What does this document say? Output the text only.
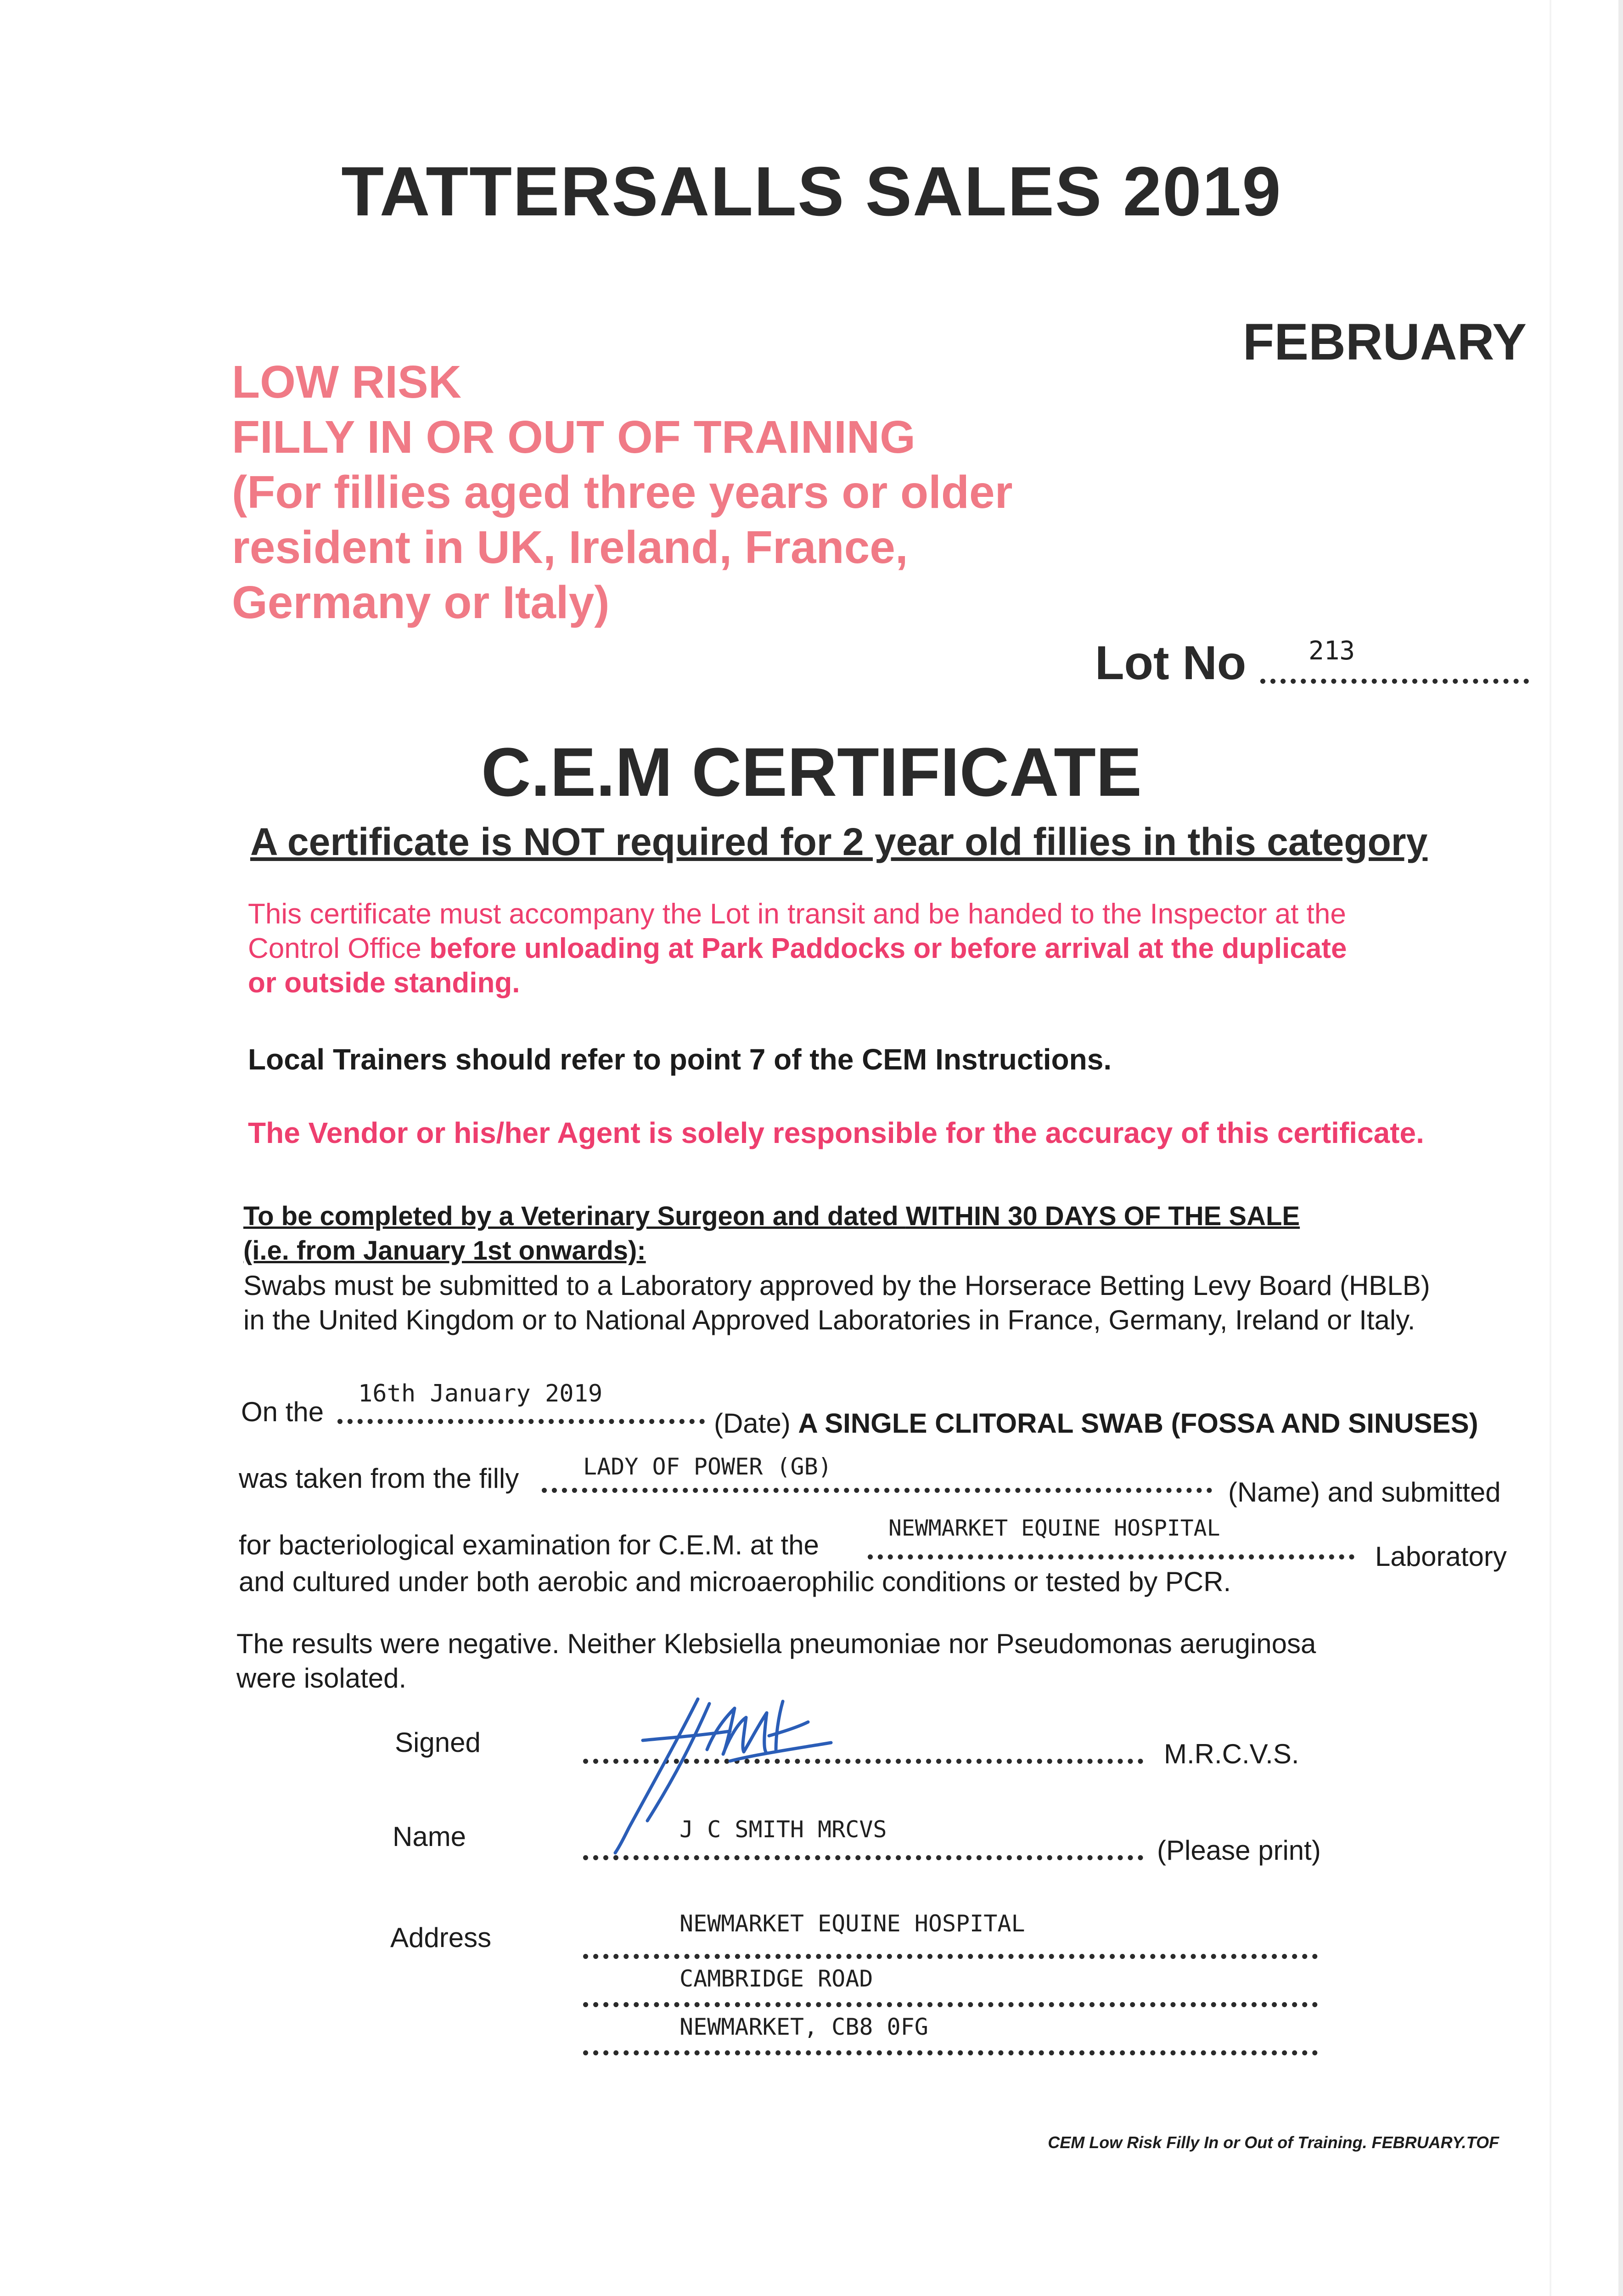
TATTERSALLS SALES 2019
FEBRUARY
LOW RISK
FILLY IN OR OUT OF TRAINING
(For fillies aged three years or older
resident in UK, Ireland, France,
Germany or Italy)
Lot No 213
C.E.M CERTIFICATE
A certificate is NOT required for 2 year old fillies in this category
This certificate must accompany the Lot in transit and be handed to the Inspector at the
Control Office before unloading at Park Paddocks or before arrival at the duplicate
or outside standing.
Local Trainers should refer to point 7 of the CEM Instructions.
The Vendor or his/her Agent is solely responsible for the accuracy of this certificate.
To be completed by a Veterinary Surgeon and dated WITHIN 30 DAYS OF THE SALE
(i.e. from January 1st onwards):
Swabs must be submitted to a Laboratory approved by the Horserace Betting Levy Board (HBLB)
in the United Kingdom or to National Approved Laboratories in France, Germany, Ireland or Italy.
On the
16th January 2019
(Date) A SINGLE CLITORAL SWAB (FOSSA AND SINUSES)
was taken from the filly	LADY OF POWER (GB)
(Name) and submitted
for bacteriological examination for C.E.M. at the
NEWMARKET EQUINE HOSPITAL
Laboratory
and cultured under both aerobic and microaerophilic conditions or tested by PCR.
The results were negative. Neither Klebsiella pneumoniae nor Pseudomonas aeruginosa
were isolated.
Signed	M.R.C.V.S.
Name	J C SMITH MRCVS
(Please print)
Address	NEWMARKET EQUINE HOSPITAL
CAMBRIDGE ROAD
NEWMARKET, CB8 0FG
CEM Low Risk Filly In or Out of Training. FEBRUARY.TOF
